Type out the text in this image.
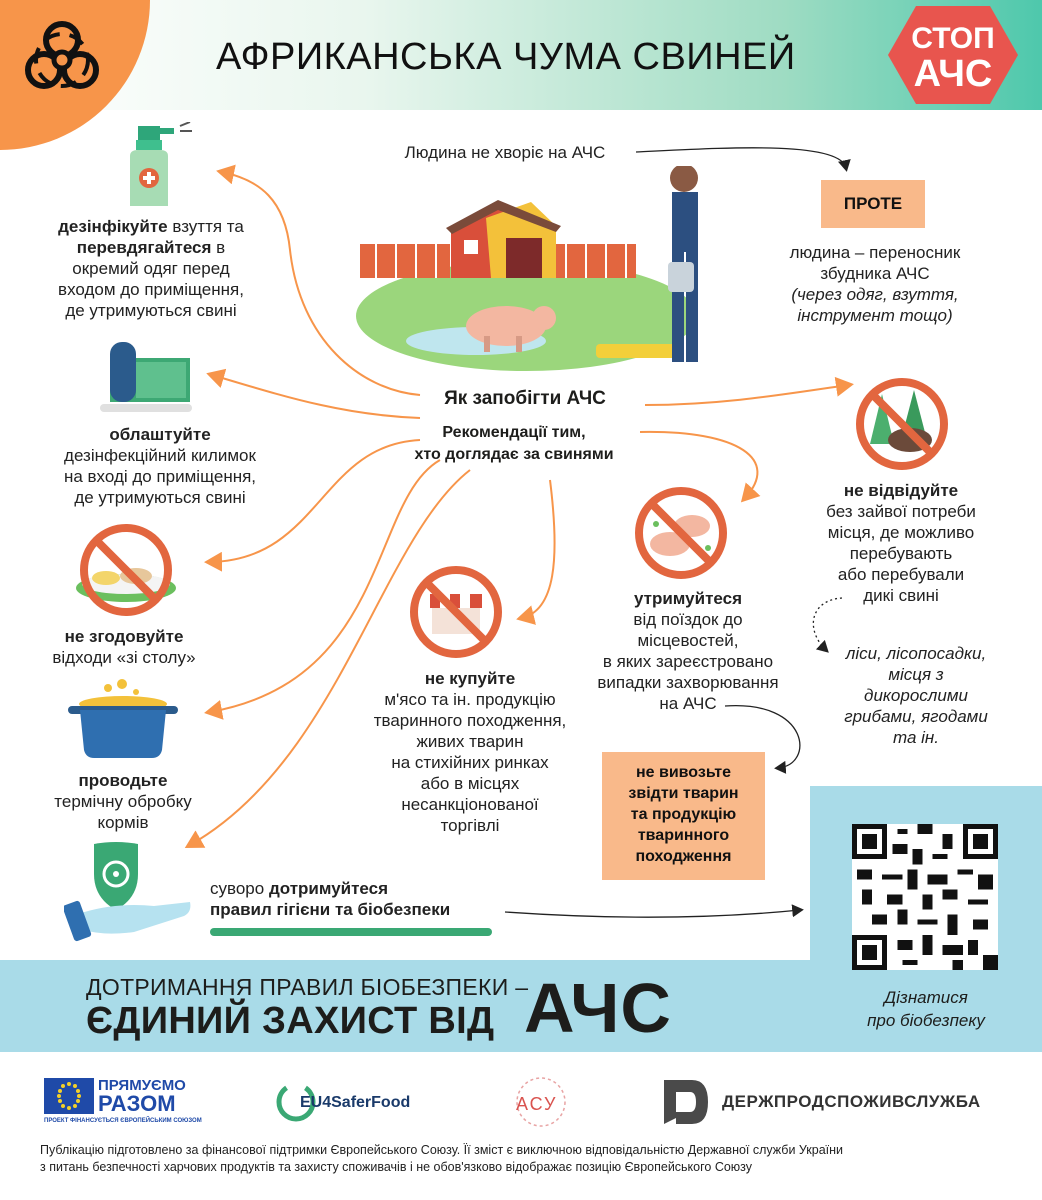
АФРИКАНСЬКА ЧУМА СВИНЕЙ	СТОП
АЧС
Як запобігти АЧС
Рекомендації тим,
хто доглядає за свинями
Людина не хворіє на АЧС
ПРОТЕ
людина – переносник
збудника АЧС
(через одяг, взуття,
інструмент тощо)
дезінфікуйте взуття та
перевдягайтеся в
окремий одяг перед
входом до приміщення,
де утримуються свині
облаштуйте
дезінфекційний килимок
на вході до приміщення,
де утримуються свині
не згодовуйте
відходи «зі столу»
проводьте
термічну обробку
кормів
суворо дотримуйтеся
правил гігієни та біобезпеки
не купуйте
м'ясо та ін. продукцію
тваринного походження,
живих тварин
на стихійних ринках
або в місцях
несанкціонованої
торгівлі
утримуйтеся
від поїздок до
місцевостей,
в яких зареєстровано
випадки захворювання
на АЧС
не вивозьте
звідти тварин
та продукцію
тваринного
походження
не відвідуйте
без зайвої потреби
місця, де можливо
перебувають
або перебували
дикі свині
ліси, лісопосадки,
місця з
дикорослими
грибами, ягодами
та ін.
ДОТРИМАННЯ ПРАВИЛ БІОБЕЗПЕКИ –
ЄДИНИЙ ЗАХИСТ ВІД АЧС	Дізнатися
про біобезпеку
ПРЯМУЄМО
РАЗОМ
ПРОЕКТ ФІНАНСУЄТЬСЯ ЄВРОПЕЙСЬКИМ СОЮЗОМ
EU4SaferFood	АСУ	ДЕРЖПРОДСПОЖИВСЛУЖБА
Публікацію підготовлено за фінансової підтримки Європейського Союзу. Її зміст є виключною відповідальністю Державної служби України
з питань безпечності харчових продуктів та захисту споживачів і не обов'язково відображає позицію Європейського Союзу
